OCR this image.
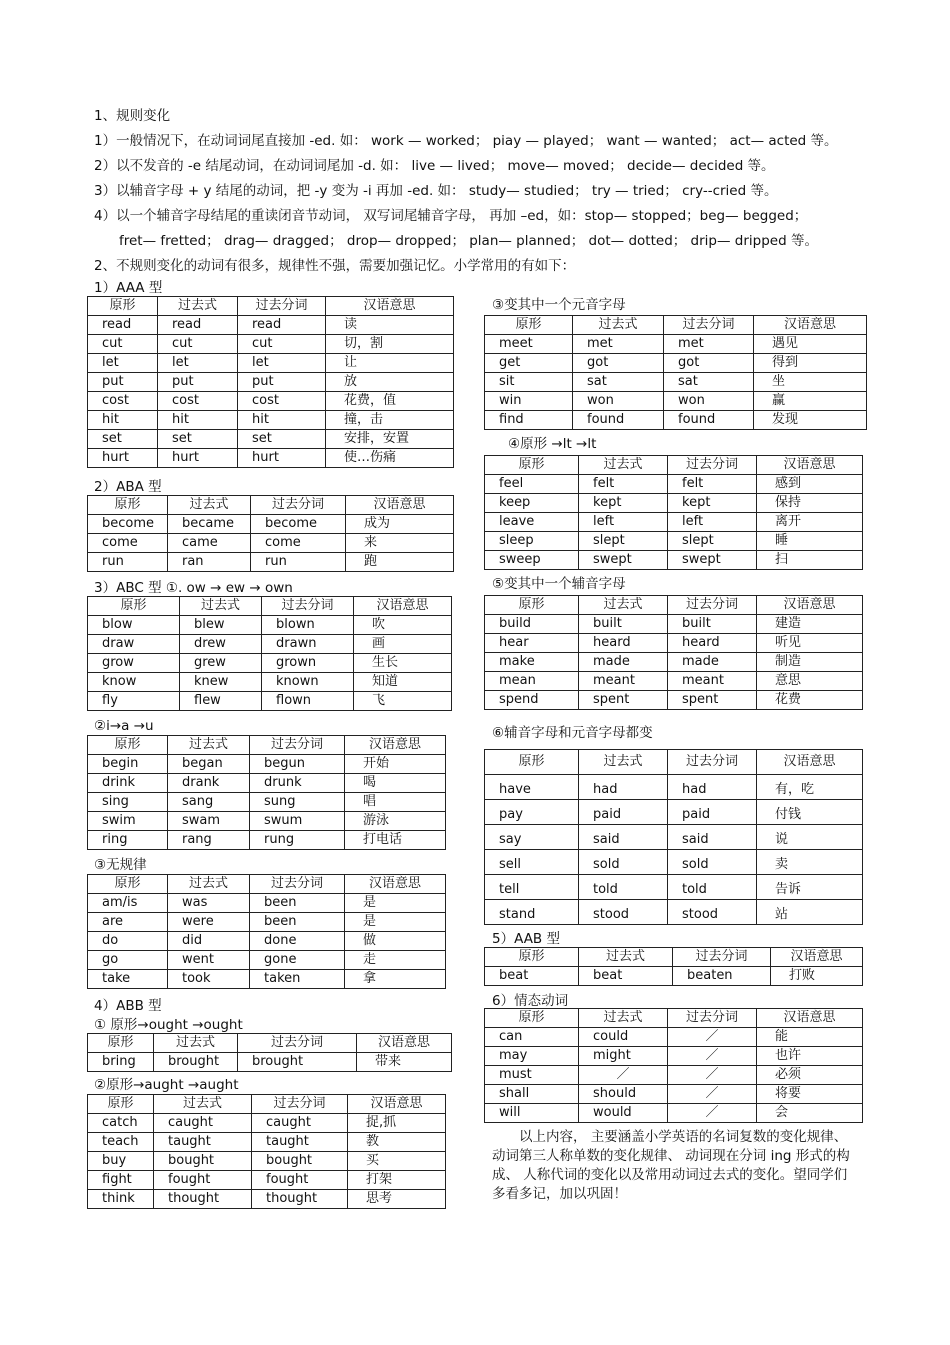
1、规则变化
1）一般情况下，在动词词尾直接加 -ed. 如： work — worked； piay — played； want — wanted； act— acted 等。
2）以不发音的 -e 结尾动词，在动词词尾加 -d. 如： live — lived； move— moved； decide— decided 等。
3）以辅音字母 + y 结尾的动词，把 -y 变为 -i 再加 -ed. 如： study— studied； try — tried； cry--cried 等。
4）以一个辅音字母结尾的重读闭音节动词， 双写词尾辅音字母， 再加 –ed，如：stop— stopped；beg— begged；
fret— fretted； drag— dragged； drop— dropped； plan— planned； dot— dotted； drip— dripped 等。
2、不规则变化的动词有很多，规律性不强，需要加强记忆。小学常用的有如下：
1）AAA 型
原形	过去式	过去分词	汉语意思
read	read	read	读
cut	cut	cut	切，割
let	let	let	让
put	put	put	放
cost	cost	cost	花费，值
hit	hit	hit	撞，击
set	set	set	安排，安置
hurt	hurt	hurt	使…伤痛
2）ABA 型
原形	过去式	过去分词	汉语意思
become	became	become	成为
come	came	come	来
run	ran	run	跑
3）ABC 型 ①. ow → ew → own
原形	过去式	过去分词	汉语意思
blow	blew	blown	吹
draw	drew	drawn	画
grow	grew	grown	生长
know	knew	known	知道
fly	flew	flown	飞
②i→a →u
原形	过去式	过去分词	汉语意思
begin	began	begun	开始
drink	drank	drunk	喝
sing	sang	sung	唱
swim	swam	swum	游泳
ring	rang	rung	打电话
③无规律
原形	过去式	过去分词	汉语意思
am/is	was	been	是
are	were	been	是
do	did	done	做
go	went	gone	走
take	took	taken	拿
4）ABB 型
① 原形→ought →ought
原形	过去式	过去分词	汉语意思
bring	brought	brought	带来
②原形→aught →aught
原形	过去式	过去分词	汉语意思
catch	caught	caught	捉,抓
teach	taught	taught	教
buy	bought	bought	买
fight	fought	fought	打架
think	thought	thought	思考
③变其中一个元音字母
原形	过去式	过去分词	汉语意思
meet	met	met	遇见
get	got	got	得到
sit	sat	sat	坐
win	won	won	赢
find	found	found	发现
④原形 →lt →lt
原形	过去式	过去分词	汉语意思
feel	felt	felt	感到
keep	kept	kept	保持
leave	left	left	离开
sleep	slept	slept	睡
sweep	swept	swept	扫
⑤变其中一个辅音字母
原形	过去式	过去分词	汉语意思
build	built	built	建造
hear	heard	heard	听见
make	made	made	制造
mean	meant	meant	意思
spend	spent	spent	花费
⑥辅音字母和元音字母都变
原形	过去式	过去分词	汉语意思
have	had	had	有，吃
pay	paid	paid	付钱
say	said	said	说
sell	sold	sold	卖
tell	told	told	告诉
stand	stood	stood	站
5）AAB 型
原形	过去式	过去分词	汉语意思
beat	beat	beaten	打败
6）情态动词
原形	过去式	过去分词	汉语意思
can	could	／	能
may	might	／	也许
must	／	／	必须
shall	should	／	将要
will	would	／	会
以上内容， 主要涵盖小学英语的名词复数的变化规律、 动词第三人称单数的变化规律、 动词现在分词 ing 形式的构成、 人称代词的变化以及常用动词过去式的变化。望同学们多看多记，加以巩固！
